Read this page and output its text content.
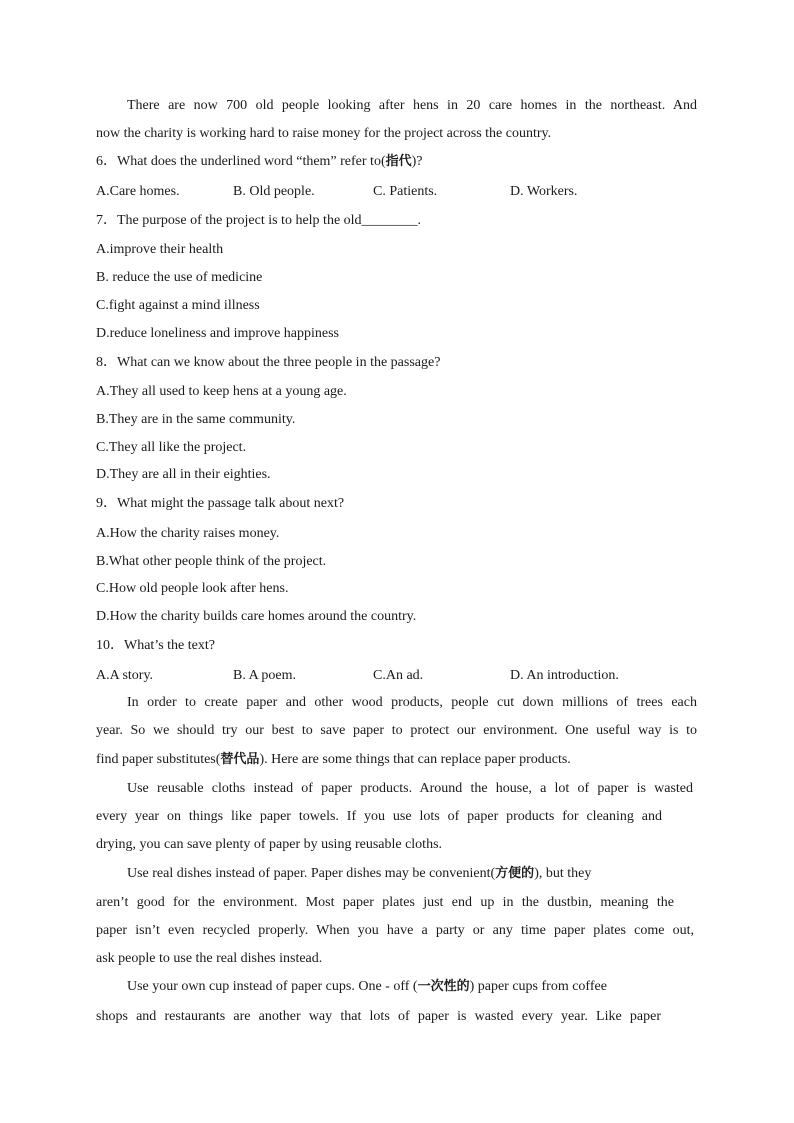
There are now 700 old people looking after hens in 20 care homes in the northeast. And
now the charity is working hard to raise money for the project across the country.
6．What does the underlined word “them” refer to(指代)?
A.Care homes.	B. Old people.	C. Patients.	D. Workers.
7．The purpose of the project is to help the old________.
A.improve their health
B. reduce the use of medicine
C.fight against a mind illness
D.reduce loneliness and improve happiness
8．What can we know about the three people in the passage?
A.They all used to keep hens at a young age.
B.They are in the same community.
C.They all like the project.
D.They are all in their eighties.
9．What might the passage talk about next?
A.How the charity raises money.
B.What other people think of the project.
C.How old people look after hens.
D.How the charity builds care homes around the country.
10．What’s the text?
A.A story.	B. A poem.	C.An ad.	D. An introduction.
In order to create paper and other wood products, people cut down millions of trees each
year. So we should try our best to save paper to protect our environment. One useful way is to
find paper substitutes(替代品). Here are some things that can replace paper products.
Use reusable cloths instead of paper products. Around the house, a lot of paper is wasted
every year on things like paper towels. If you use lots of paper products for cleaning and
drying, you can save plenty of paper by using reusable cloths.
Use real dishes instead of paper. Paper dishes may be convenient(方便的), but they
aren’t good for the environment. Most paper plates just end up in the dustbin, meaning the
paper isn’t even recycled properly. When you have a party or any time paper plates come out,
ask people to use the real dishes instead.
Use your own cup instead of paper cups. One - off (一次性的) paper cups from coffee
shops and restaurants are another way that lots of paper is wasted every year. Like paper
